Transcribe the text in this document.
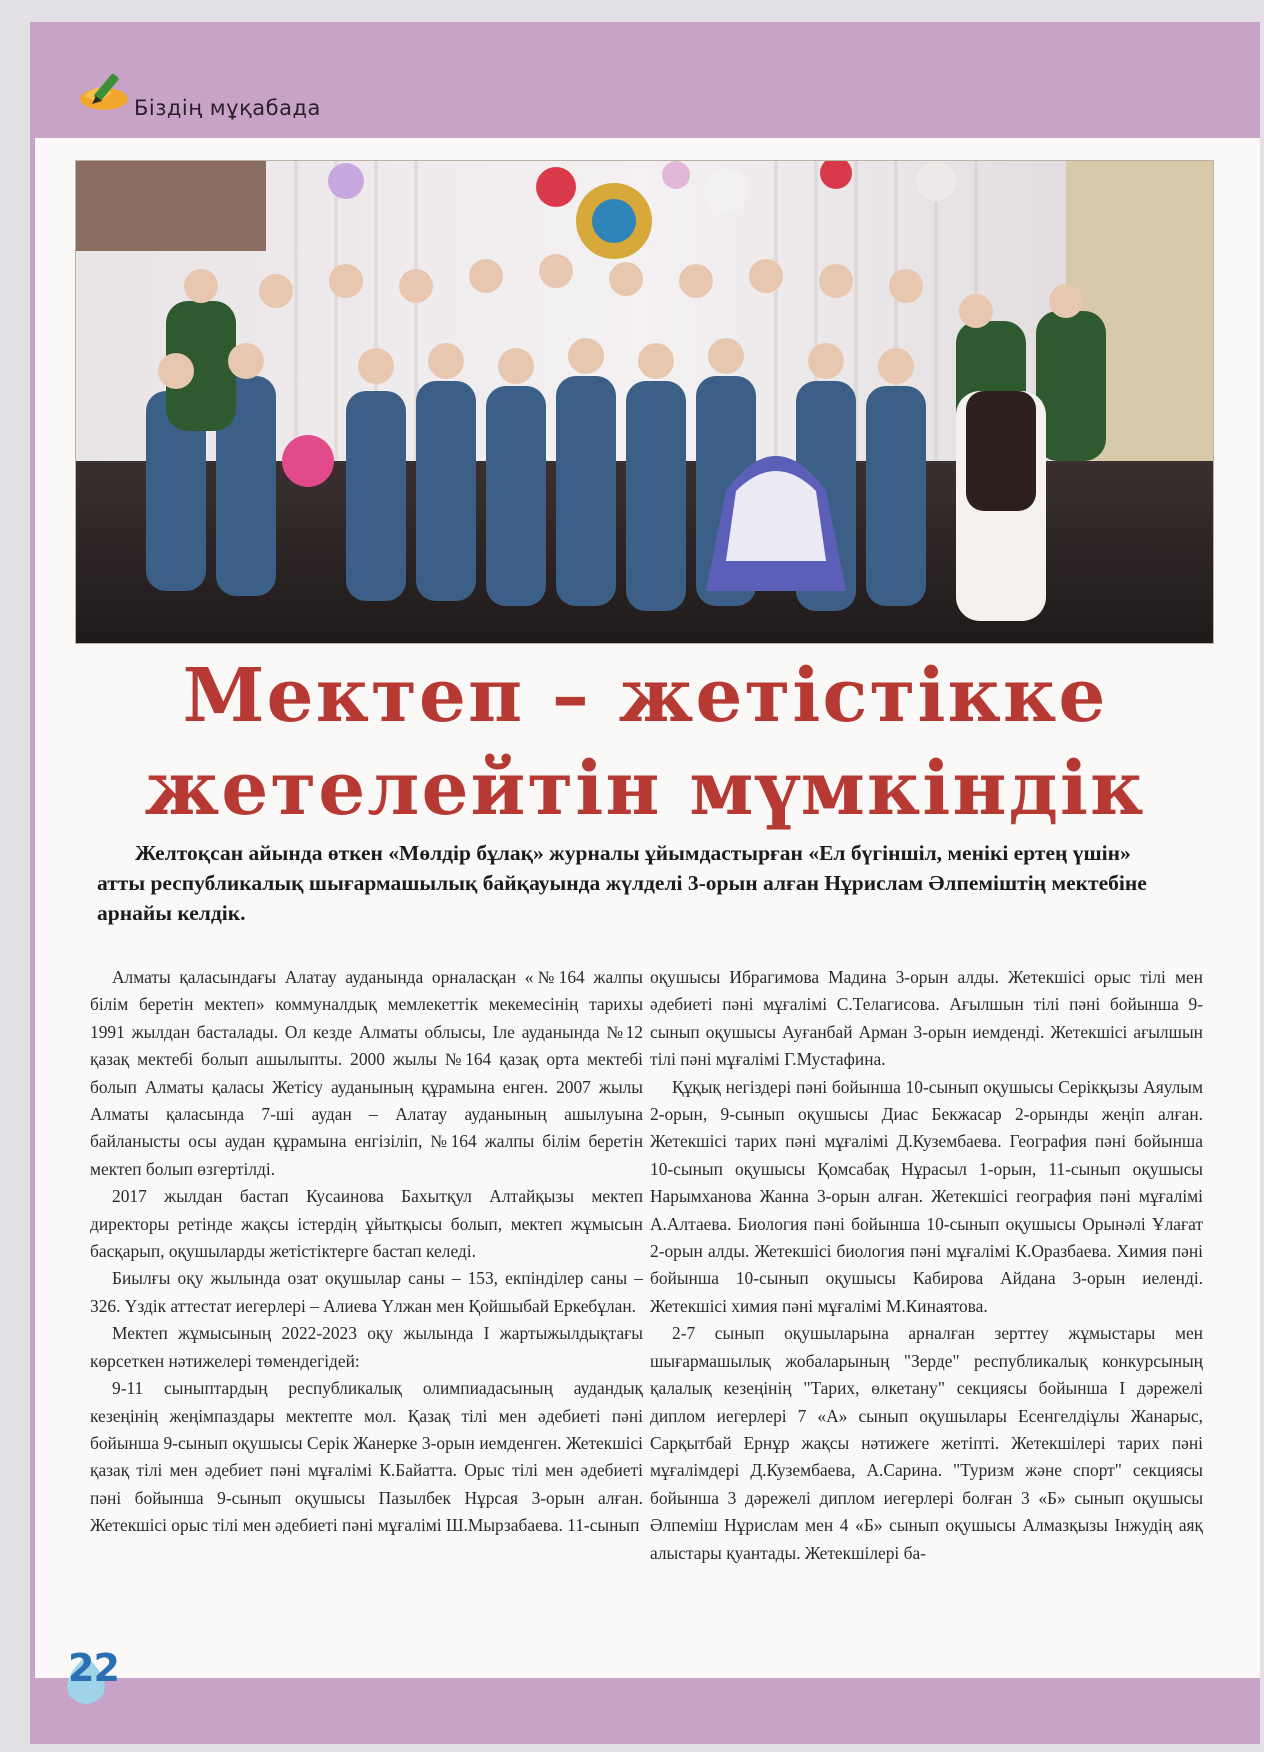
Біздің мұқабада
Мектеп – жетістікке
жетелейтін мүмкіндік
Желтоқсан айында өткен «Мөлдір бұлақ» журналы ұйымдастырған «Ел бүгіншіл, менікі ертең үшін» атты республикалық шығармашылық байқауында жүлделі 3-орын алған Нұрислам Әлпеміштің мектебіне арнайы келдік.

Алматы қаласындағы Алатау ауданында орналасқан «№164 жалпы білім беретін мектеп» коммуналдық мемлекеттік мекемесінің тарихы 1991 жылдан басталады. Ол кезде Алматы облысы, Іле ауданында №12 қазақ мектебі болып ашылыпты. 2000 жылы №164 қазақ орта мектебі болып Алматы қаласы Жетісу ауданының құрамына енген. 2007 жылы Алматы қаласында 7-ші аудан – Алатау ауданының ашылуына байланысты осы аудан құрамына енгізіліп, №164 жалпы білім беретін мектеп болып өзгертілді.

2017 жылдан бастап Кусаинова Бахытқул Алтайқызы мектеп директоры ретінде жақсы істердің ұйытқысы болып, мектеп жұмысын басқарып, оқушыларды жетістіктерге бастап келеді.

Биылғы оқу жылында озат оқушылар саны – 153, екпінділер саны – 326. Үздік аттестат иегерлері – Алиева Үлжан мен Қойшыбай Еркебұлан.

Мектеп жұмысының 2022-2023 оқу жылында I жартыжылдықтағы көрсеткен нәтижелері төмендегідей:

9-11 сыныптардың республикалық олимпиадасының аудандық кезеңінің жеңімпаздары мектепте мол. Қазақ тілі мен әдебиеті пәні бойынша 9-сынып оқушысы Серік Жанерке 3-орын иемденген. Жетекшісі қазақ тілі мен әдебиет пәні мұғалімі К.Байатта. Орыс тілі мен әдебиеті пәні бойынша 9-сынып оқушысы Пазылбек Нұрсая 3-орын алған. Жетекшісі орыс тілі мен әдебиеті пәні мұғалімі Ш.Мырзабаева. 11-сынып

оқушысы Ибрагимова Мадина 3-орын алды. Жетекшісі орыс тілі мен әдебиеті пәні мұғалімі С.Телагисова. Ағылшын тілі пәні бойынша 9-сынып оқушысы Ауғанбай Арман 3-орын иемденді. Жетекшісі ағылшын тілі пәні мұғалімі Г.Мустафина.

Құқық негіздері пәні бойынша 10-сынып оқушысы Серікқызы Аяулым 2-орын, 9-сынып оқушысы Диас Бекжасар 2-орынды жеңіп алған. Жетекшісі тарих пәні мұғалімі Д.Кузембаева. География пәні бойынша 10-сынып оқушысы Қомсабақ Нұрасыл 1-орын, 11-сынып оқушысы Нарымханова Жанна 3-орын алған. Жетекшісі география пәні мұғалімі А.Алтаева. Биология пәні бойынша 10-сынып оқушысы Орынәлі Ұлағат 2-орын алды. Жетекшісі биология пәні мұғалімі К.Оразбаева. Химия пәні бойынша 10-сынып оқушысы Кабирова Айдана 3-орын иеленді. Жетекшісі химия пәні мұғалімі М.Кинаятова.

2-7 сынып оқушыларына арналған зерттеу жұмыстары мен шығармашылық жобаларының "Зерде" республикалық конкурсының қалалық кезеңінің "Тарих, өлкетану" секциясы бойынша I дәрежелі диплом иегерлері 7 «А» сынып оқушылары Есенгелдіұлы Жанарыс, Сарқытбай Ернұр жақсы нәтижеге жетіпті. Жетекшілері тарих пәні мұғалімдері Д.Кузембаева, А.Сарина. "Туризм және спорт" секциясы бойынша 3 дәрежелі диплом иегерлері болған 3 «Б» сынып оқушысы Әлпеміш Нұрислам мен 4 «Б» сынып оқушысы Алмазқызы Інжудің аяқ алыстары қуантады. Жетекшілері ба-

22
